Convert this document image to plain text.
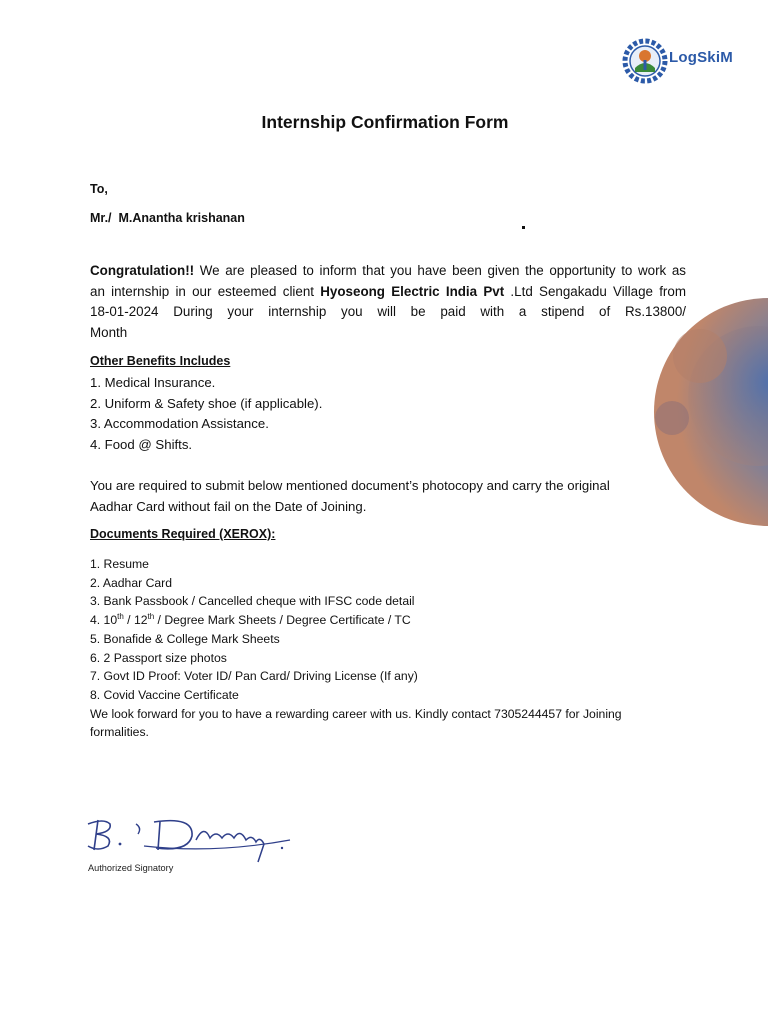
LogSkiM
Internship Confirmation Form
To,
Mr./  M.Anantha krishanan
Congratulation!! We are pleased to inform that you have been given the opportunity to work as
an internship in our esteemed client Hyoseong Electric India Pvt .Ltd Sengakadu Village from
18-01-2024 During your internship you will be paid with a stipend of Rs.13800/
Month
Other Benefits Includes
1. Medical Insurance.
2. Uniform & Safety shoe (if applicable).
3. Accommodation Assistance.
4. Food @ Shifts.
You are required to submit below mentioned document’s photocopy and carry the original
Aadhar Card without fail on the Date of Joining.
Documents Required (XEROX):
1. Resume
2. Aadhar Card
3. Bank Passbook / Cancelled cheque with IFSC code detail
4. 10th / 12th / Degree Mark Sheets / Degree Certificate / TC
5. Bonafide & College Mark Sheets
6. 2 Passport size photos
7. Govt ID Proof: Voter ID/ Pan Card/ Driving License (If any)
8. Covid Vaccine Certificate
We look forward for you to have a rewarding career with us. Kindly contact 7305244457 for Joining
formalities.
Authorized Signatory
